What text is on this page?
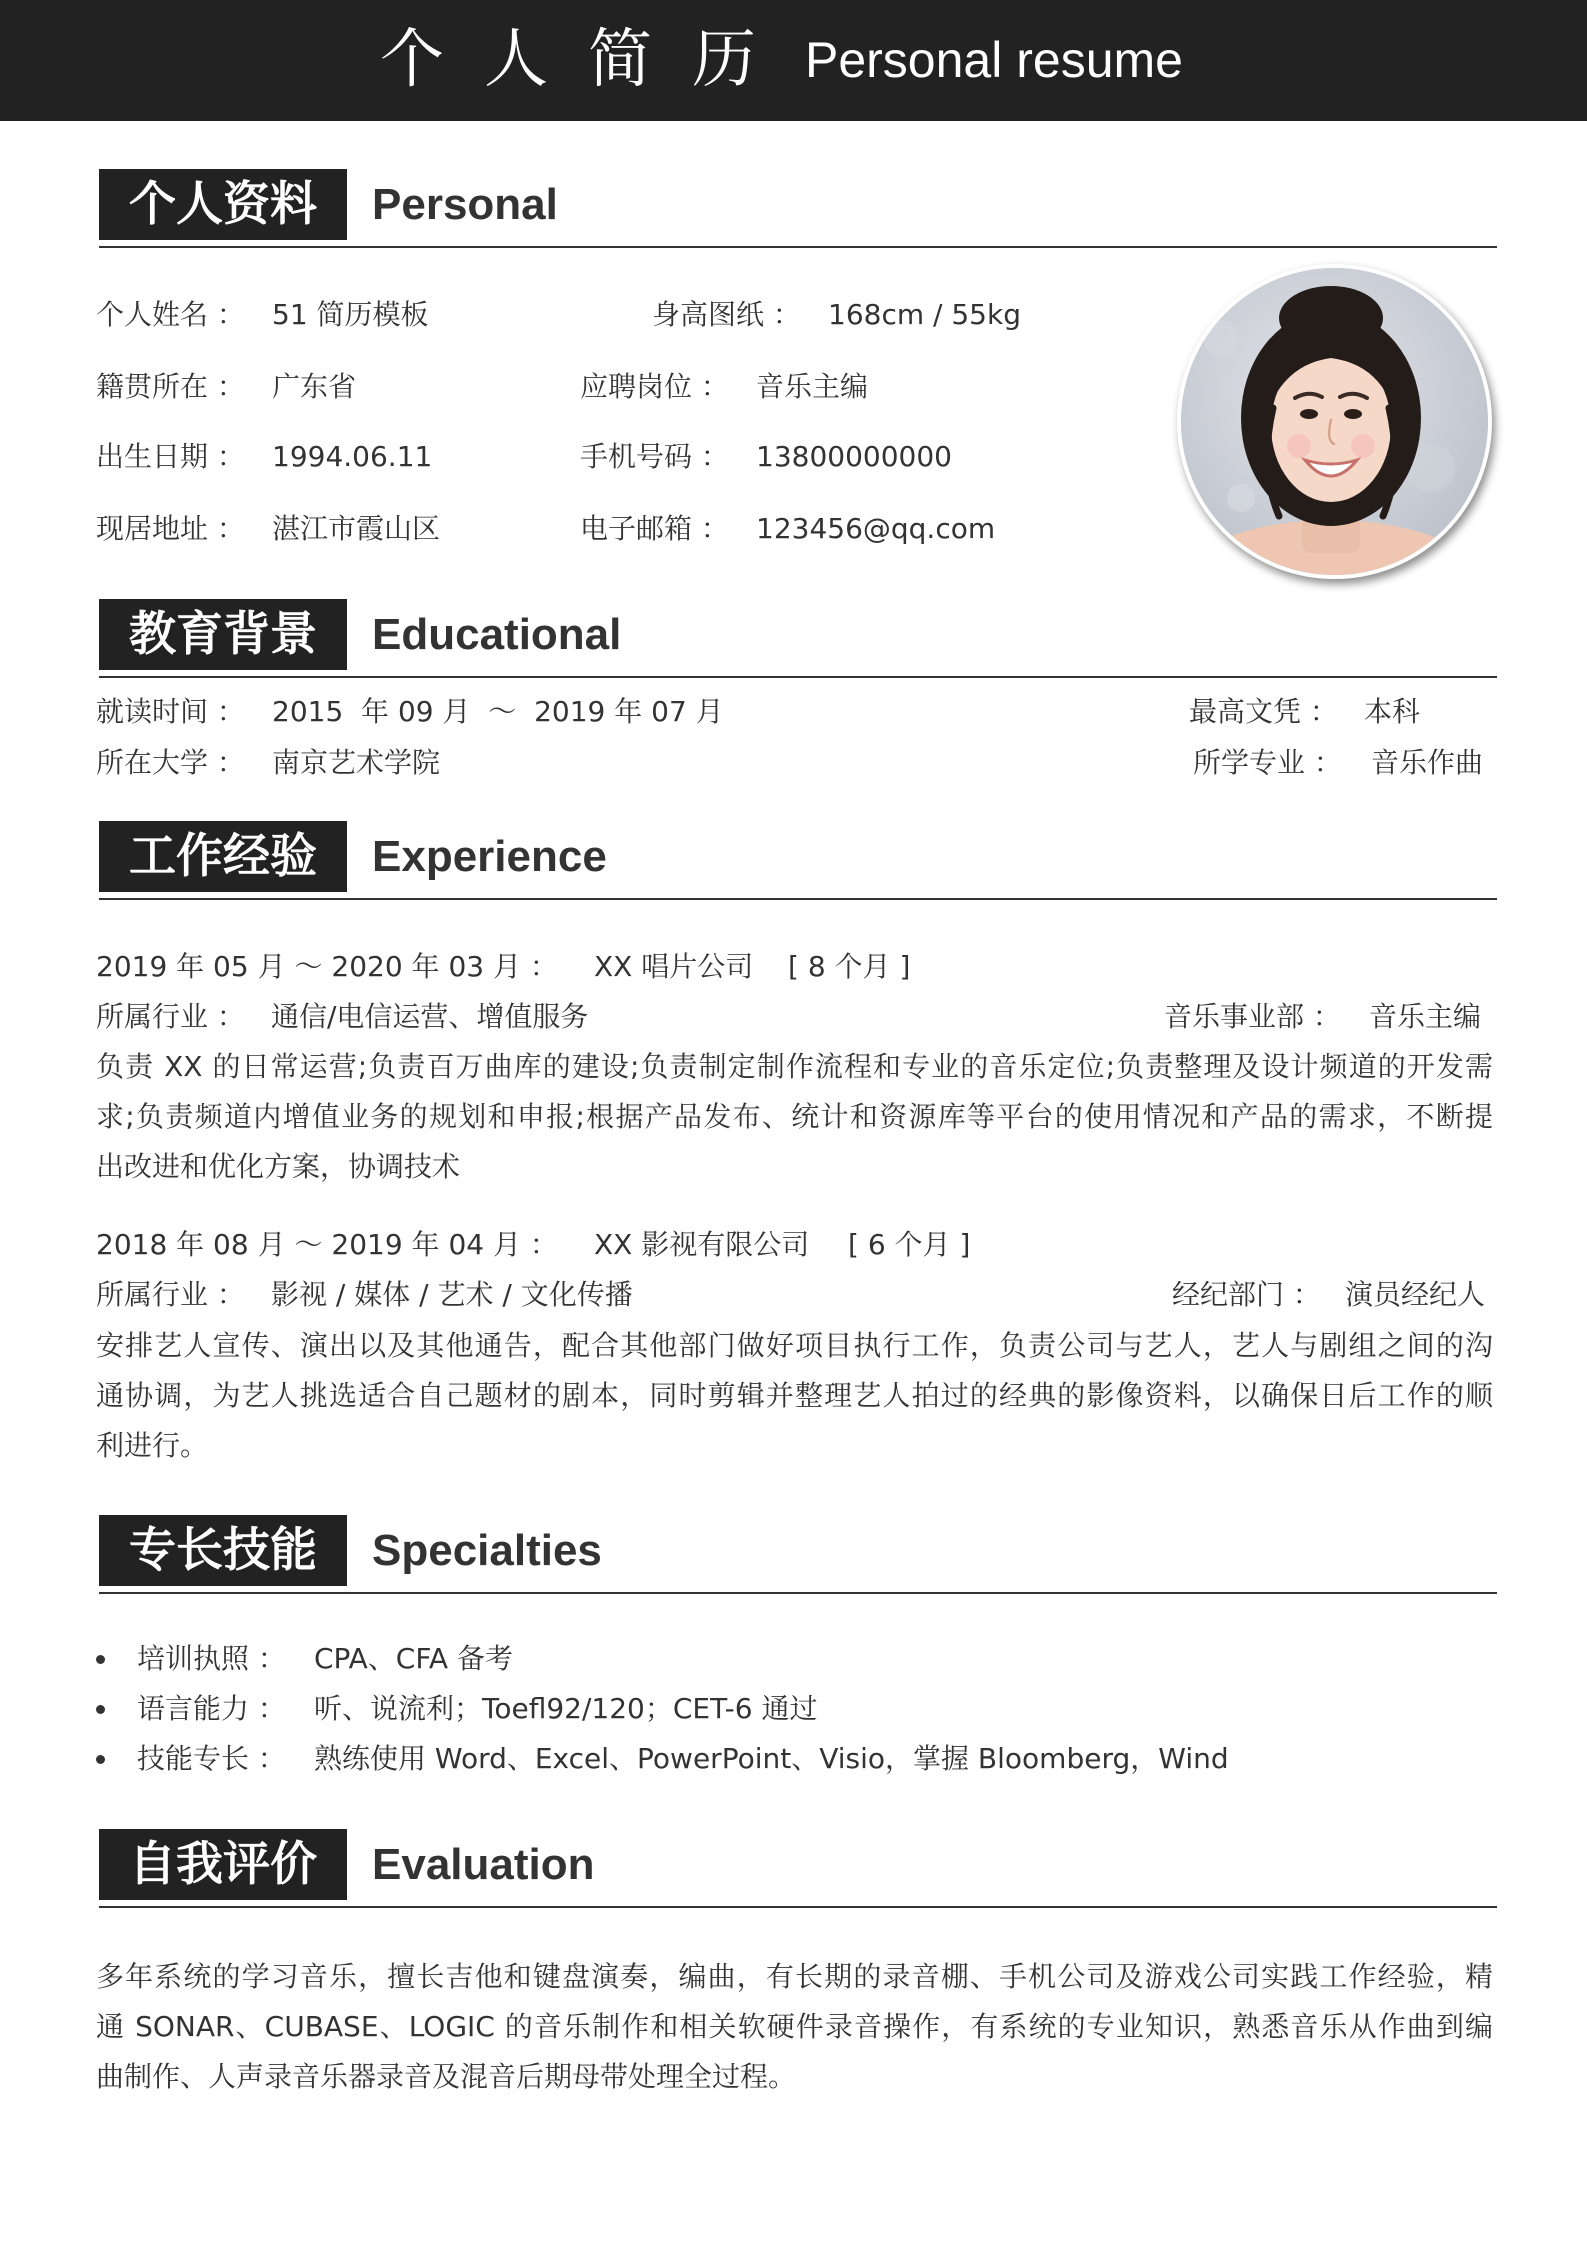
个人简历 Personal resume
个人资料	Personal
个人姓名 ： 51 简历模板	身高图纸 ： 168cm / 55kg
籍贯所在 ： 广东省	应聘岗位 ： 音乐主编
出生日期 ： 1994.06.11	手机号码 ： 13800000000
现居地址 ： 湛江市霞山区	电子邮箱 ： 123456@qq.com
教育背景	Educational
就读时间 ： 2015  年 09 月  ～  2019 年 07 月	最高文凭 ： 本科
所在大学 ： 南京艺术学院	所学专业 ： 音乐作曲
工作经验	Experience
2019 年 05 月 ～ 2020 年 03 月 ： XX 唱片公司 [ 8 个月 ]
所属行业 ： 通信/电信运营、增值服务	音乐事业部 ： 音乐主编
负责 XX 的日常运营;负责百万曲库的建设;负责制定制作流程和专业的音乐定位;负责整理及设计频道的开发需
求;负责频道内增值业务的规划和申报;根据产品发布、统计和资源库等平台的使用情况和产品的需求，不断提
出改进和优化方案，协调技术
2018 年 08 月 ～ 2019 年 04 月 ： XX 影视有限公司 [ 6 个月 ]
所属行业 ： 影视 / 媒体 / 艺术 / 文化传播	经纪部门 ： 演员经纪人
安排艺人宣传、演出以及其他通告，配合其他部门做好项目执行工作，负责公司与艺人，艺人与剧组之间的沟
通协调，为艺人挑选适合自己题材的剧本，同时剪辑并整理艺人拍过的经典的影像资料，以确保日后工作的顺
利进行。
专长技能	Specialties
培训执照 ： CPA、CFA 备考
语言能力 ： 听、说流利；Toefl92/120；CET-6 通过
技能专长 ： 熟练使用 Word、Excel、PowerPoint、Visio，掌握 Bloomberg，Wind
自我评价	Evaluation
多年系统的学习音乐，擅长吉他和键盘演奏，编曲，有长期的录音棚、手机公司及游戏公司实践工作经验，精
通 SONAR、CUBASE、LOGIC 的音乐制作和相关软硬件录音操作，有系统的专业知识，熟悉音乐从作曲到编
曲制作、人声录音乐器录音及混音后期母带处理全过程。
